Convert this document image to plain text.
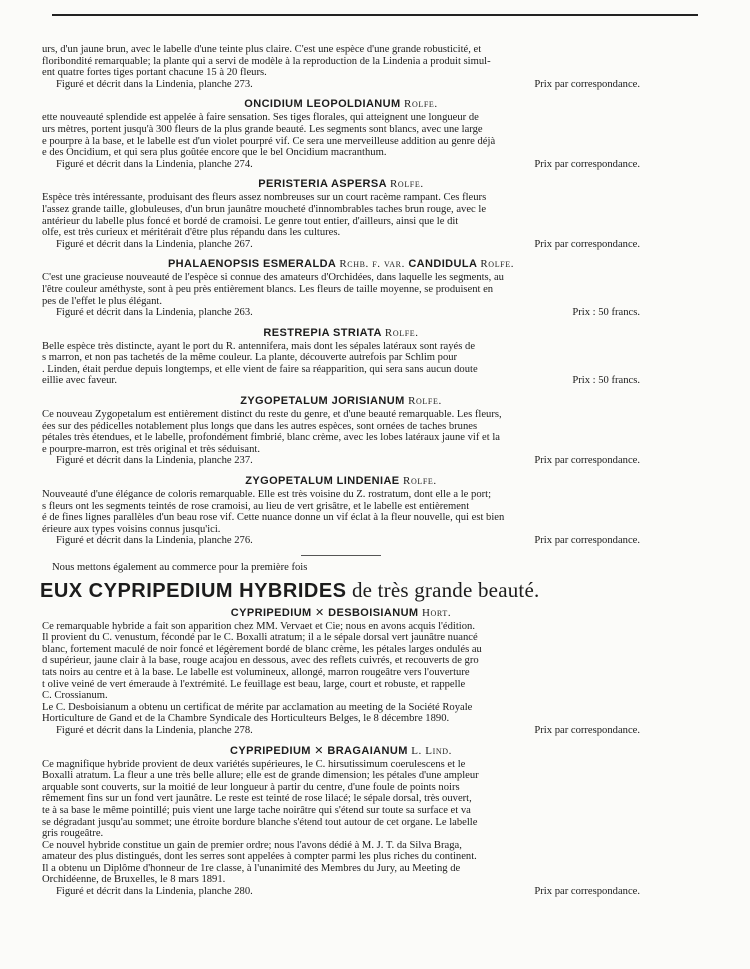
urs, d'un jaune brun, avec le labelle d'une teinte plus claire. C'est une espèce d'une grande robusticité, et

floribondité remarquable; la plante qui a servi de modèle à la reproduction de la Lindenia a produit simul-

ent quatre fortes tiges portant chacune 15 à 20 fleurs.

Figuré et décrit dans la Lindenia, planche 273.	Prix par correspondance.
ONCIDIUM LEOPOLDIANUM Rolfe.

ette nouveauté splendide est appelée à faire sensation. Ses tiges florales, qui atteignent une longueur de

urs mètres, portent jusqu'à 300 fleurs de la plus grande beauté. Les segments sont blancs, avec une large

e pourpre à la base, et le labelle est d'un violet pourpré vif. Ce sera une merveilleuse addition au genre déjà

e des Oncidium, et qui sera plus goûtée encore que le bel Oncidium macranthum.

Figuré et décrit dans la Lindenia, planche 274.	Prix par correspondance.
PERISTERIA ASPERSA Rolfe.

Espèce très intéressante, produisant des fleurs assez nombreuses sur un court racème rampant. Ces fleurs

l'assez grande taille, globuleuses, d'un brun jaunâtre moucheté d'innombrables taches brun rouge, avec le

antérieur du labelle plus foncé et bordé de cramoisi. Le genre tout entier, d'ailleurs, ainsi que le dit

olfe, est très curieux et méritérait d'être plus répandu dans les cultures.

Figuré et décrit dans la Lindenia, planche 267.	Prix par correspondance.
PHALAENOPSIS ESMERALDA Rchb. f. var. CANDIDULA Rolfe.

C'est une gracieuse nouveauté de l'espèce si connue des amateurs d'Orchidées, dans laquelle les segments, au

l'être couleur améthyste, sont à peu près entièrement blancs. Les fleurs de taille moyenne, se produisent en

pes de l'effet le plus élégant.

Figuré et décrit dans la Lindenia, planche 263.	Prix : 50 francs.
RESTREPIA STRIATA Rolfe.

Belle espèce très distincte, ayant le port du R. antennifera, mais dont les sépales latéraux sont rayés de

s marron, et non pas tachetés de la même couleur. La plante, découverte autrefois par Schlim pour

. Linden, était perdue depuis longtemps, et elle vient de faire sa réapparition, qui sera sans aucun doute
eillie avec faveur.	Prix : 50 francs.
ZYGOPETALUM JORISIANUM Rolfe.

Ce nouveau Zygopetalum est entièrement distinct du reste du genre, et d'une beauté remarquable. Les fleurs,

ées sur des pédicelles notablement plus longs que dans les autres espèces, sont ornées de taches brunes

pétales très étendues, et le labelle, profondément fimbrié, blanc crème, avec les lobes latéraux jaune vif et la

e pourpre-marron, est très original et très séduisant.

Figuré et décrit dans la Lindenia, planche 237.	Prix par correspondance.
ZYGOPETALUM LINDENIAE Rolfe.

Nouveauté d'une élégance de coloris remarquable. Elle est très voisine du Z. rostratum, dont elle a le port;

s fleurs ont les segments teintés de rose cramoisi, au lieu de vert grisâtre, et le labelle est entièrement

é de fines lignes parallèles d'un beau rose vif. Cette nuance donne un vif éclat à la fleur nouvelle, qui est bien

érieure aux types voisins connus jusqu'ici.

Figuré et décrit dans la Lindenia, planche 276.	Prix par correspondance.

Nous mettons également au commerce pour la première fois

EUX CYPRIPEDIUM HYBRIDES de très grande beauté.
CYPRIPEDIUM ✕ DESBOISIANUM Hort.

Ce remarquable hybride a fait son apparition chez MM. Vervaet et Cie; nous en avons acquis l'édition.

Il provient du C. venustum, fécondé par le C. Boxalli atratum; il a le sépale dorsal vert jaunâtre nuancé

blanc, fortement maculé de noir foncé et légèrement bordé de blanc crème, les pétales larges ondulés au

d supérieur, jaune clair à la base, rouge acajou en dessous, avec des reflets cuivrés, et recouverts de gro

tats noirs au centre et à la base. Le labelle est volumineux, allongé, marron rougeâtre vers l'ouverture

t olive veiné de vert émeraude à l'extrémité. Le feuillage est beau, large, court et robuste, et rappelle

C. Crossianum.

Le C. Desboisianum a obtenu un certificat de mérite par acclamation au meeting de la Société Royale

Horticulture de Gand et de la Chambre Syndicale des Horticulteurs Belges, le 8 décembre 1890.

Figuré et décrit dans la Lindenia, planche 278.	Prix par correspondance.
CYPRIPEDIUM ✕ BRAGAIANUM L. Lind.

Ce magnifique hybride provient de deux variétés supérieures, le C. hirsutissimum coerulescens et le

Boxalli atratum. La fleur a une très belle allure; elle est de grande dimension; les pétales d'une ampleur

arquable sont couverts, sur la moitié de leur longueur à partir du centre, d'une foule de points noirs

rêmement fins sur un fond vert jaunâtre. Le reste est teinté de rose lilacé; le sépale dorsal, très ouvert,

te à sa base le même pointillé; puis vient une large tache noirâtre qui s'étend sur toute sa surface et va

se dégradant jusqu'au sommet; une étroite bordure blanche s'étend tout autour de cet organe. Le labelle

gris rougeâtre.

Ce nouvel hybride constitue un gain de premier ordre; nous l'avons dédié à M. J. T. da Silva Braga,

amateur des plus distingués, dont les serres sont appelées à compter parmi les plus riches du continent.

Il a obtenu un Diplôme d'honneur de 1re classe, à l'unanimité des Membres du Jury, au Meeting de

Orchidéenne, de Bruxelles, le 8 mars 1891.

Figuré et décrit dans la Lindenia, planche 280.	Prix par correspondance.
